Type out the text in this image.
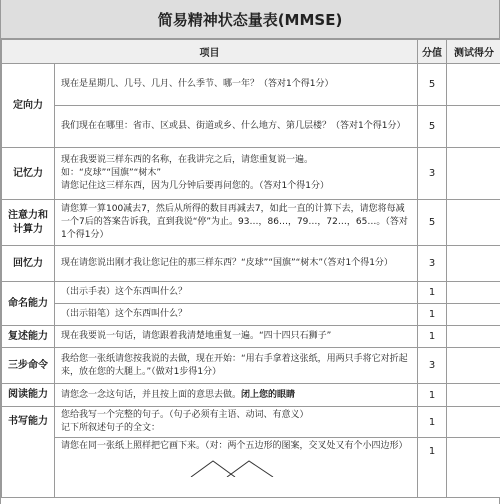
简易精神状态量表(MMSE)
项目		分值	测试得分
定向力	现在是星期几、几号、几月、什么季节、哪一年？（答对1个得1分）	5	
	我们现在在哪里：省市、区或县、街道或乡、什么地方、第几层楼？（答对1个得1分）	5	
记忆力	现在我要说三样东西的名称，在我讲完之后，请您重复说一遍。
如：“皮球”“国旗”“树木”
请您记住这三样东西，因为几分钟后要再问您的。（答对1个得1分）	3	
注意力和计算力	请您算一算100减去7，然后从所得的数目再减去7，如此一直的计算下去，请您将每减一个7后的答案告诉我，直到我说“停”为止。93…，86…，79…，72…，65…。（答对1个得1分）	5	
回忆力	现在请您说出刚才我让您记住的那三样东西？“皮球”“国旗”“树木”（答对1个得1分）	3	
命名能力	（出示手表）这个东西叫什么？	1	
	（出示铅笔）这个东西叫什么？	1	
复述能力	现在我要说一句话，请您跟着我清楚地重复一遍。“四十四只石狮子”	1	
三步命令	我给您一张纸请您按我说的去做，现在开始：“用右手拿着这张纸，用两只手将它对折起来，放在您的大腿上。”（做对1步得1分）	3	
阅读能力	请您念一念这句话，并且按上面的意思去做。闭上您的眼睛	1	
书写能力	您给我写一个完整的句子。（句子必须有主语、动词、有意义）
记下所叙述句子的全文：	1	

	请您在同一张纸上照样把它画下来。（对：两个五边形的图案，交叉处又有个小四边形）	1	
